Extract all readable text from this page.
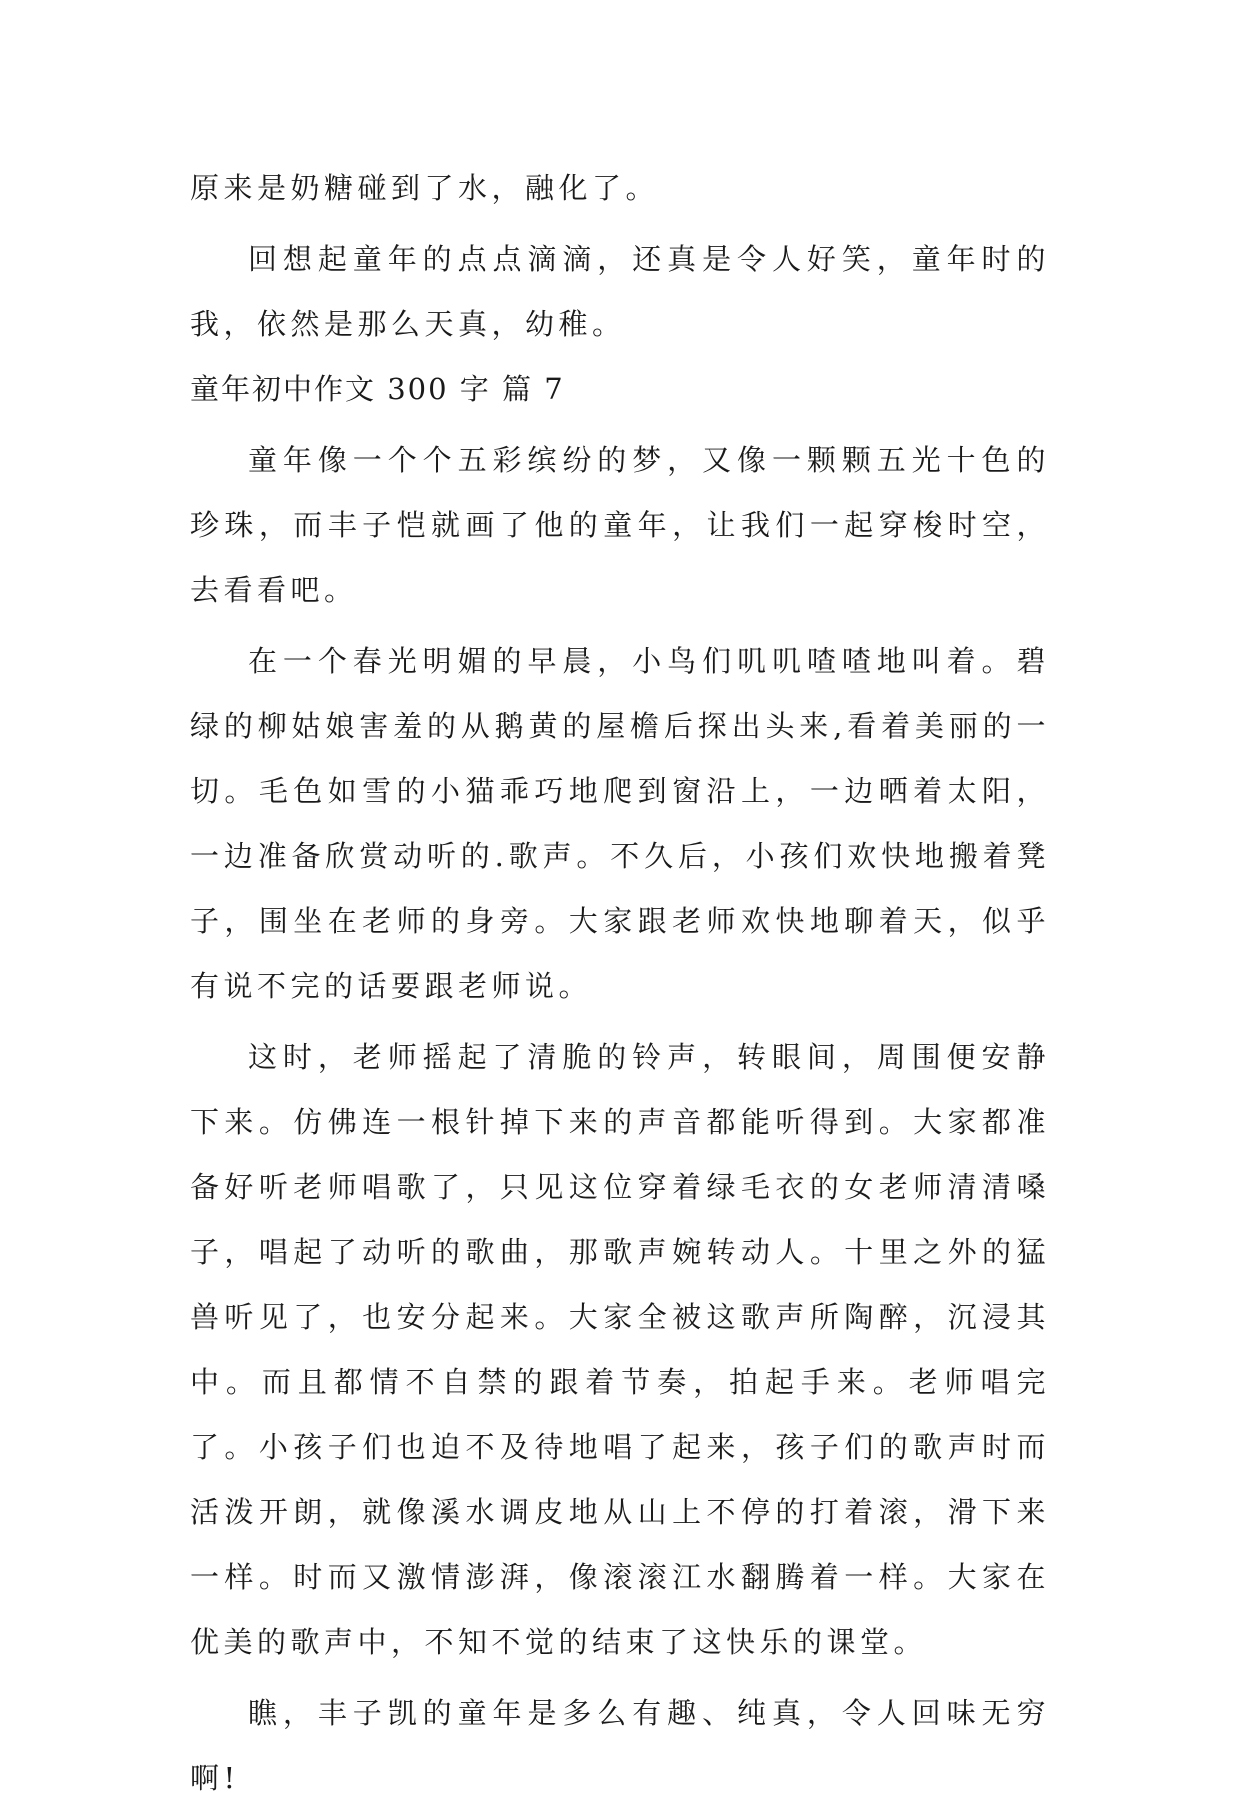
原来是奶糖碰到了水，融化了。

回想起童年的点点滴滴，还真是令人好笑，童年时的我，依然是那么天真，幼稚。

童年初中作文 300 字 篇 7

童年像一个个五彩缤纷的梦，又像一颗颗五光十色的珍珠，而丰子恺就画了他的童年，让我们一起穿梭时空，去看看吧。

在一个春光明媚的早晨，小鸟们叽叽喳喳地叫着。碧绿的柳姑娘害羞的从鹅黄的屋檐后探出头来,看着美丽的一切。毛色如雪的小猫乖巧地爬到窗沿上，一边晒着太阳，一边准备欣赏动听的.歌声。不久后，小孩们欢快地搬着凳子，围坐在老师的身旁。大家跟老师欢快地聊着天，似乎有说不完的话要跟老师说。

这时，老师摇起了清脆的铃声，转眼间，周围便安静下来。仿佛连一根针掉下来的声音都能听得到。大家都准备好听老师唱歌了，只见这位穿着绿毛衣的女老师清清嗓子，唱起了动听的歌曲，那歌声婉转动人。十里之外的猛兽听见了，也安分起来。大家全被这歌声所陶醉，沉浸其中。而且都情不自禁的跟着节奏，拍起手来。老师唱完了。小孩子们也迫不及待地唱了起来，孩子们的歌声时而活泼开朗，就像溪水调皮地从山上不停的打着滚，滑下来一样。时而又激情澎湃，像滚滚江水翻腾着一样。大家在优美的歌声中，不知不觉的结束了这快乐的课堂。

瞧，丰子凯的童年是多么有趣、纯真，令人回味无穷啊!
